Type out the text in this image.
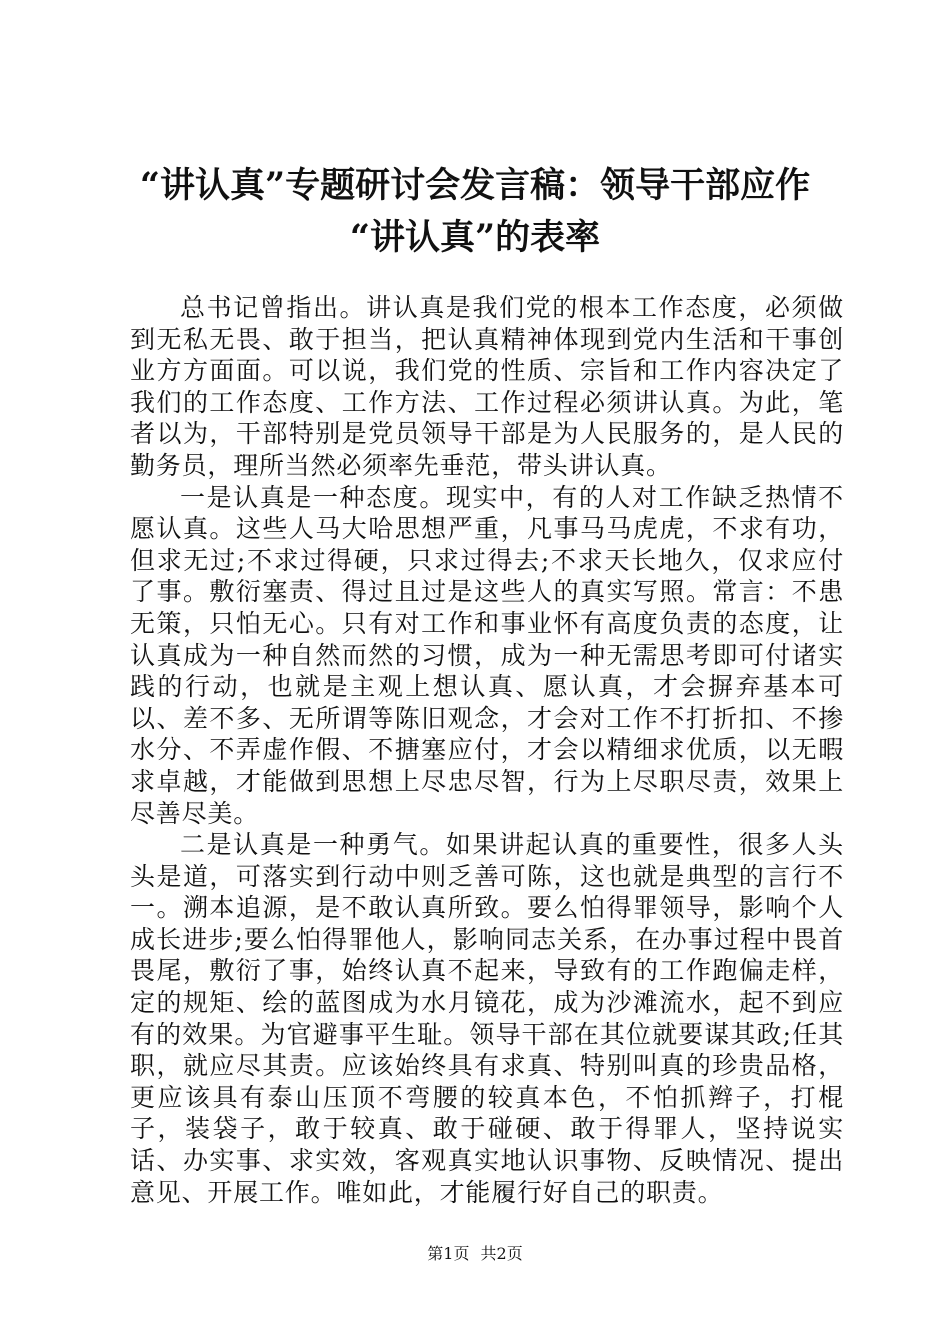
“讲认真”专题研讨会发言稿：领导干部应作
“讲认真”的表率

总书记曾指出。讲认真是我们党的根本工作态度，必须做到无私无畏、敢于担当，把认真精神体现到党内生活和干事创业方方面面。可以说，我们党的性质、宗旨和工作内容决定了我们的工作态度、工作方法、工作过程必须讲认真。为此，笔者以为，干部特别是党员领导干部是为人民服务的，是人民的勤务员，理所当然必须率先垂范，带头讲认真。

一是认真是一种态度。现实中，有的人对工作缺乏热情不愿认真。这些人马大哈思想严重，凡事马马虎虎，不求有功，但求无过;不求过得硬，只求过得去;不求天长地久，仅求应付了事。敷衍塞责、得过且过是这些人的真实写照。常言：不患无策，只怕无心。只有对工作和事业怀有高度负责的态度，让认真成为一种自然而然的习惯，成为一种无需思考即可付诸实践的行动，也就是主观上想认真、愿认真，才会摒弃基本可以、差不多、无所谓等陈旧观念，才会对工作不打折扣、不掺水分、不弄虚作假、不搪塞应付，才会以精细求优质，以无暇求卓越，才能做到思想上尽忠尽智，行为上尽职尽责，效果上尽善尽美。

二是认真是一种勇气。如果讲起认真的重要性，很多人头头是道，可落实到行动中则乏善可陈，这也就是典型的言行不一。溯本追源，是不敢认真所致。要么怕得罪领导，影响个人成长进步;要么怕得罪他人，影响同志关系，在办事过程中畏首畏尾，敷衍了事，始终认真不起来，导致有的工作跑偏走样，定的规矩、绘的蓝图成为水月镜花，成为沙滩流水，起不到应有的效果。为官避事平生耻。领导干部在其位就要谋其政;任其职，就应尽其责。应该始终具有求真、特别叫真的珍贵品格，更应该具有泰山压顶不弯腰的较真本色，不怕抓辫子，打棍子，装袋子，敢于较真、敢于碰硬、敢于得罪人，坚持说实话、办实事、求实效，客观真实地认识事物、反映情况、提出意见、开展工作。唯如此，才能履行好自己的职责。

第1页 共2页
